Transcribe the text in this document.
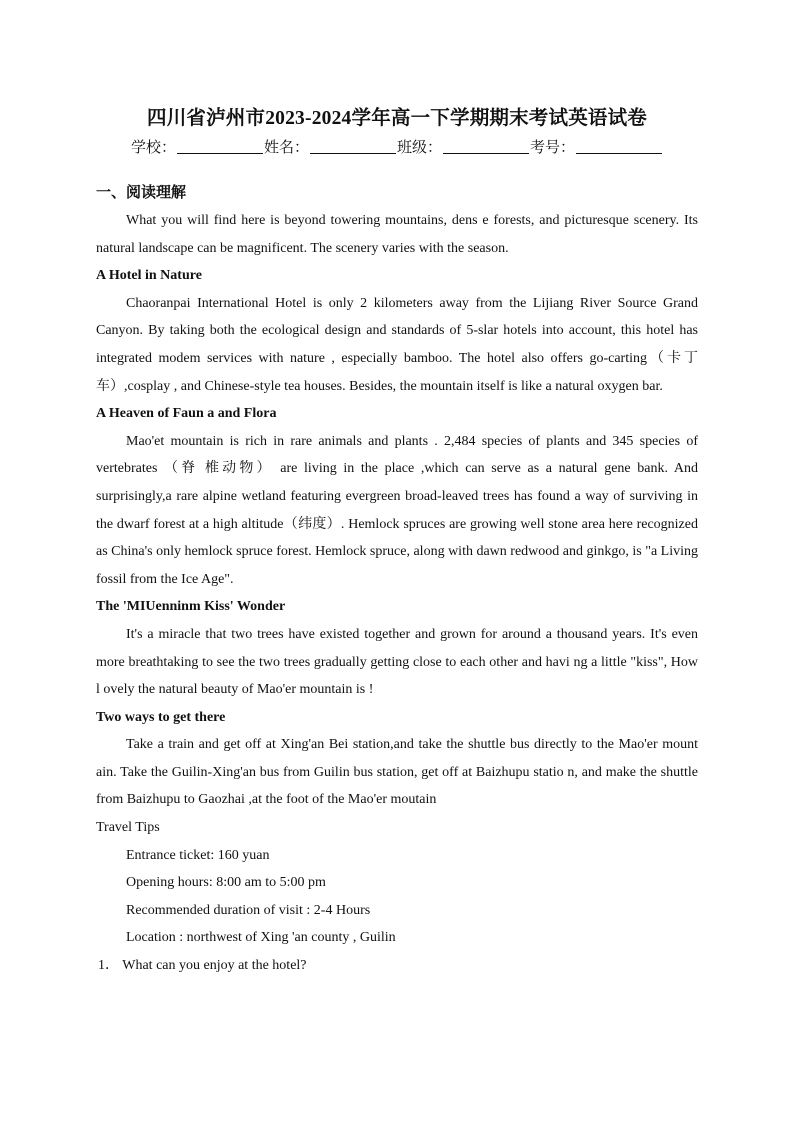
四川省泸州市2023-2024学年高一下学期期末考试英语试卷
学校：	姓名：	班级：	考号：

一、阅读理解

What you will find here is beyond towering mountains, dens e forests, and picturesque scenery. Its natural landscape can be magnificent. The scenery varies with the season.

A Hotel in Nature

Chaoranpai International Hotel is only 2 kilometers away from the Lijiang River Source Grand Canyon. By taking both the ecological design and standards of 5-slar hotels into account, this hotel has integrated modem services with nature , especially bamboo. The hotel also offers go-carting（卡丁车）,cosplay , and Chinese-style tea houses. Besides, the mountain itself is like a natural oxygen bar.

A Heaven of Faun a and Flora

Mao'et mountain is rich in rare animals and plants . 2,484 species of plants and 345 species of vertebrates （脊 椎动物） are living in the place ,which can serve as a natural gene bank. And surprisingly,a rare alpine wetland featuring evergreen broad-leaved trees has found a way of surviving in the dwarf forest at a high altitude（纬度）. Hemlock spruces are growing well stone area here recognized as China's only hemlock spruce forest. Hemlock spruce, along with dawn redwood and ginkgo, is "a Living fossil from the Ice Age".

The 'MIUenninm Kiss' Wonder

It's a miracle that two trees have existed together and grown for around a thousand years. It's even more breathtaking to see the two trees gradually getting close to each other and havi ng a little "kiss", How l ovely the natural beauty of Mao'er mountain is !

Two ways to get there

Take a train and get off at Xing'an Bei station,and take the shuttle bus directly to the Mao'er mount ain. Take the Guilin-Xing'an bus from Guilin bus station, get off at Baizhupu statio n, and make the shuttle from Baizhupu to Gaozhai ,at the foot of the Mao'er moutain

Travel Tips

Entrance ticket: 160 yuan

Opening hours: 8:00 am to 5:00 pm

Recommended duration of visit : 2-4 Hours

Location : northwest of Xing 'an county , Guilin

1． What can you enjoy at the hotel?
